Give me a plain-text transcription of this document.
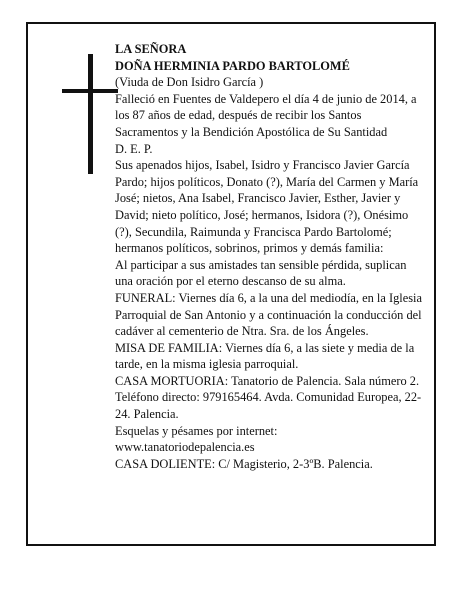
LA SEÑORA

DOÑA HERMINIA PARDO BARTOLOMÉ

(Viuda de Don Isidro García )

Falleció en Fuentes de Valdepero el día 4 de junio de 2014, a los 87 años de edad, después de recibir los Santos Sacramentos y la Bendición Apostólica de Su Santidad

D. E. P.

Sus apenados hijos, Isabel, Isidro y Francisco Javier García Pardo; hijos políticos, Donato (?), María del Carmen y María José; nietos, Ana Isabel, Francisco Javier, Esther, Javier y David; nieto político, José; hermanos, Isidora (?), Onésimo (?), Secundila, Raimunda y Francisca Pardo Bartolomé; hermanos políticos, sobrinos, primos y demás familia:

Al participar a sus amistades tan sensible pérdida, suplican una oración por el eterno descanso de su alma.

FUNERAL: Viernes día 6, a la una del mediodía, en la Iglesia Parroquial de San Antonio y a continuación la conducción del cadáver al cementerio de Ntra. Sra. de los Ángeles.

MISA DE FAMILIA: Viernes día 6, a las siete y media de la tarde, en la misma iglesia parroquial.

CASA MORTUORIA: Tanatorio de Palencia. Sala número 2. Teléfono directo: 979165464. Avda. Comunidad Europea, 22-24. Palencia.

Esquelas y pésames por internet:

www.tanatoriodepalencia.es

CASA DOLIENTE: C/ Magisterio, 2-3ºB. Palencia.
